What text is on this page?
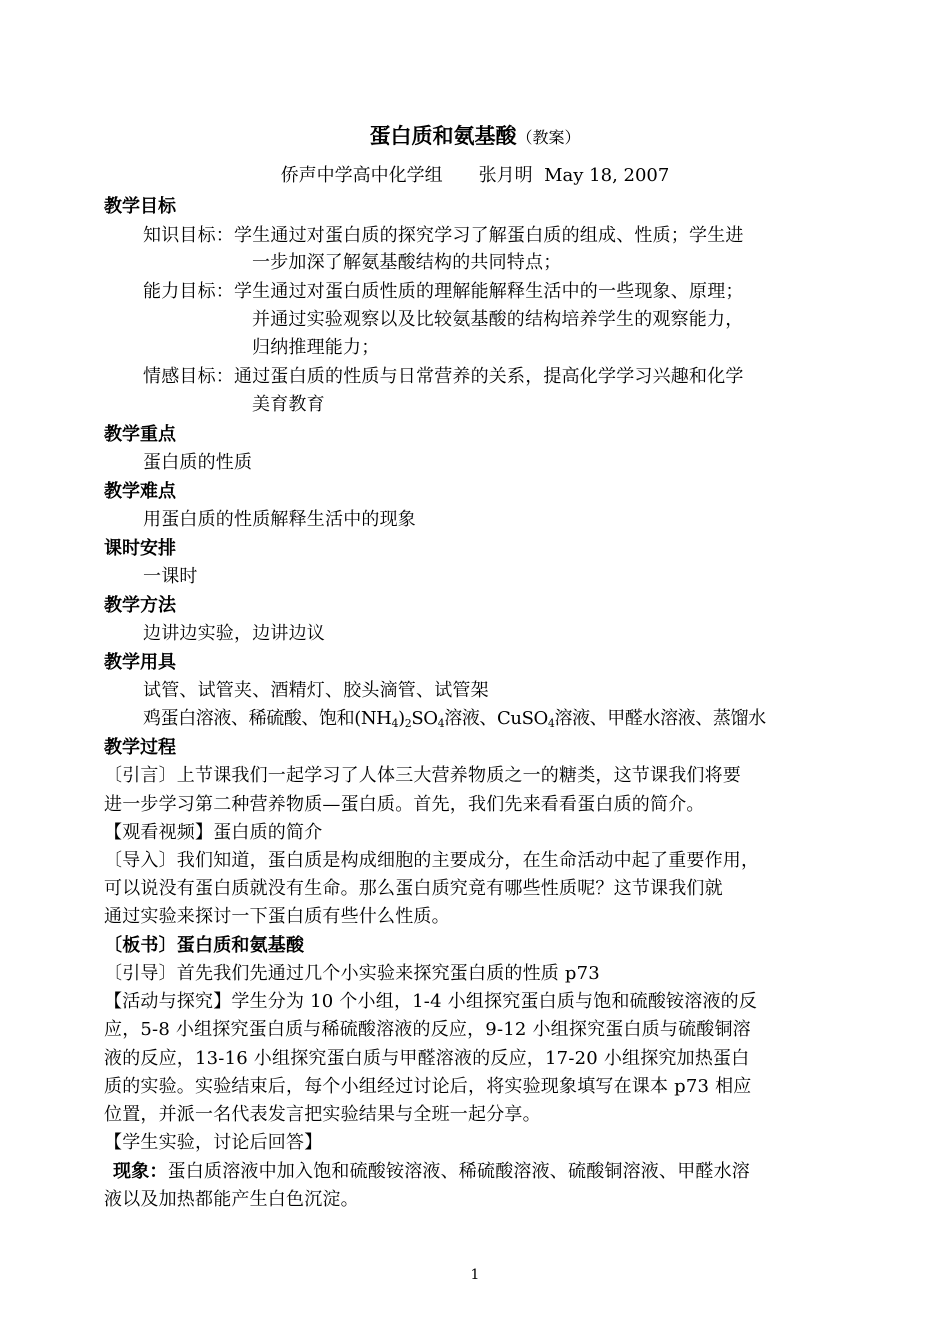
蛋白质和氨基酸（教案）
侨声中学高中化学组　　张月明  May 18, 2007
教学目标
知识目标：学生通过对蛋白质的探究学习了解蛋白质的组成、性质；学生进
一步加深了解氨基酸结构的共同特点；
能力目标：学生通过对蛋白质性质的理解能解释生活中的一些现象、原理；
并通过实验观察以及比较氨基酸的结构培养学生的观察能力，
归纳推理能力；
情感目标：通过蛋白质的性质与日常营养的关系，提高化学学习兴趣和化学
美育教育
教学重点
蛋白质的性质
教学难点
用蛋白质的性质解释生活中的现象
课时安排
一课时
教学方法
边讲边实验，边讲边议
教学用具
试管、试管夹、酒精灯、胶头滴管、试管架
鸡蛋白溶液、稀硫酸、饱和$(NH_4)_2SO_4$溶液、CuSO$_4$溶液、甲醛水溶液、蒸馏水
教学过程
〔引言〕上节课我们一起学习了人体三大营养物质之一的糖类，这节课我们将要
进一步学习第二种营养物质—蛋白质。首先，我们先来看看蛋白质的简介。
【观看视频】蛋白质的简介
〔导入〕我们知道，蛋白质是构成细胞的主要成分，在生命活动中起了重要作用，
可以说没有蛋白质就没有生命。那么蛋白质究竟有哪些性质呢？这节课我们就
通过实验来探讨一下蛋白质有些什么性质。
〔板书〕蛋白质和氨基酸
〔引导〕首先我们先通过几个小实验来探究蛋白质的性质 p73
【活动与探究】学生分为 10 个小组，1-4 小组探究蛋白质与饱和硫酸铵溶液的反
应，5-8 小组探究蛋白质与稀硫酸溶液的反应，9-12 小组探究蛋白质与硫酸铜溶
液的反应，13-16 小组探究蛋白质与甲醛溶液的反应，17-20 小组探究加热蛋白
质的实验。实验结束后，每个小组经过讨论后，将实验现象填写在课本 p73 相应
位置，并派一名代表发言把实验结果与全班一起分享。
【学生实验，讨论后回答】
现象：蛋白质溶液中加入饱和硫酸铵溶液、稀硫酸溶液、硫酸铜溶液、甲醛水溶
液以及加热都能产生白色沉淀。
1
